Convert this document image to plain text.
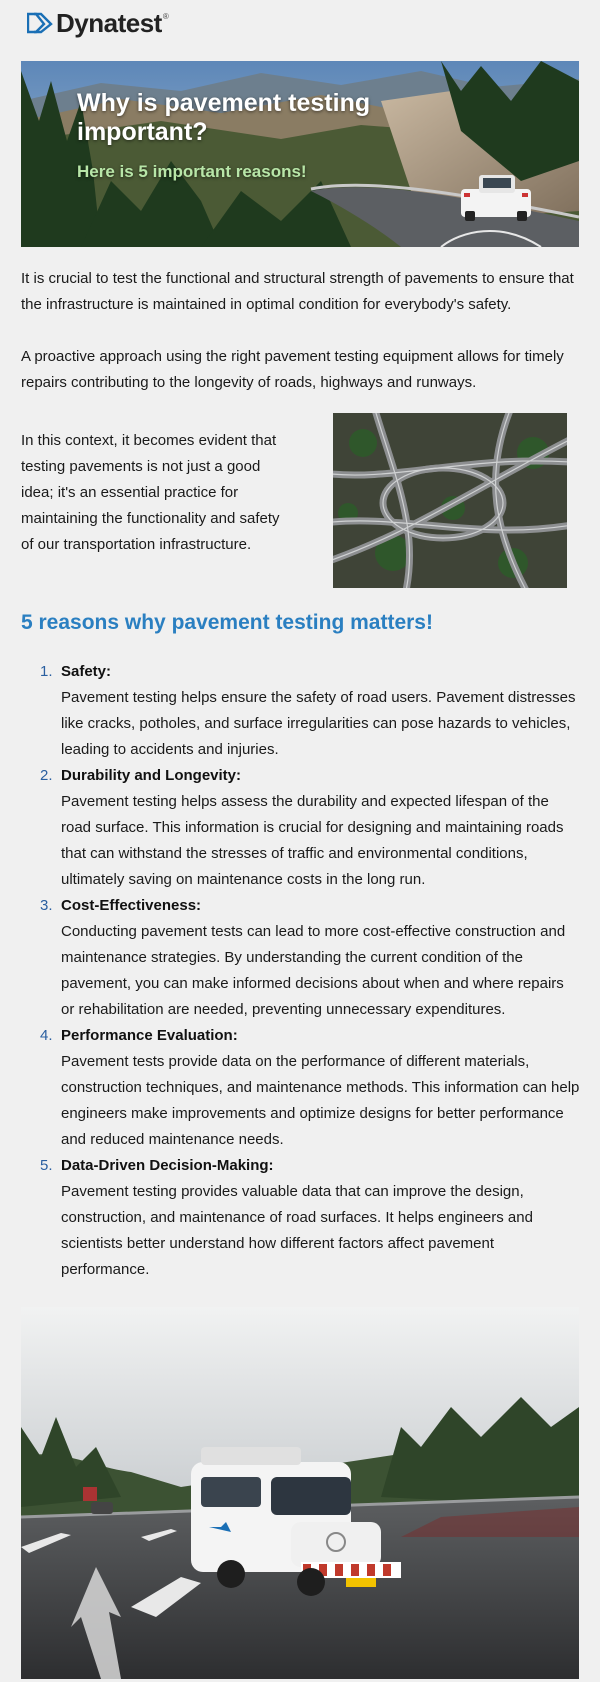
Dynatest ®
Why is pavement testing important?
Here is 5 important reasons!

It is crucial to test the functional and structural strength of pavements to ensure that the infrastructure is maintained in optimal condition for everybody's safety.

A proactive approach using the right pavement testing equipment allows for timely repairs contributing to the longevity of roads, highways and runways.

In this context, it becomes evident that testing pavements is not just a good idea; it's an essential practice for maintaining the functionality and safety of our transportation infrastructure.

5 reasons why pavement testing matters!
1. Safety:
Pavement testing helps ensure the safety of road users. Pavement distresses like cracks, potholes, and surface irregularities can pose hazards to vehicles, leading to accidents and injuries.
2. Durability and Longevity:
Pavement testing helps assess the durability and expected lifespan of the road surface. This information is crucial for designing and maintaining roads that can withstand the stresses of traffic and environmental conditions, ultimately saving on maintenance costs in the long run.
3. Cost-Effectiveness:
Conducting pavement tests can lead to more cost-effective construction and maintenance strategies. By understanding the current condition of the pavement, you can make informed decisions about when and where repairs or rehabilitation are needed, preventing unnecessary expenditures.
4. Performance Evaluation:
Pavement tests provide data on the performance of different materials, construction techniques, and maintenance methods. This information can help engineers make improvements and optimize designs for better performance and reduced maintenance needs.
5. Data-Driven Decision-Making:
Pavement testing provides valuable data that can improve the design, construction, and maintenance of road surfaces. It helps engineers and scientists better understand how different factors affect pavement performance.
